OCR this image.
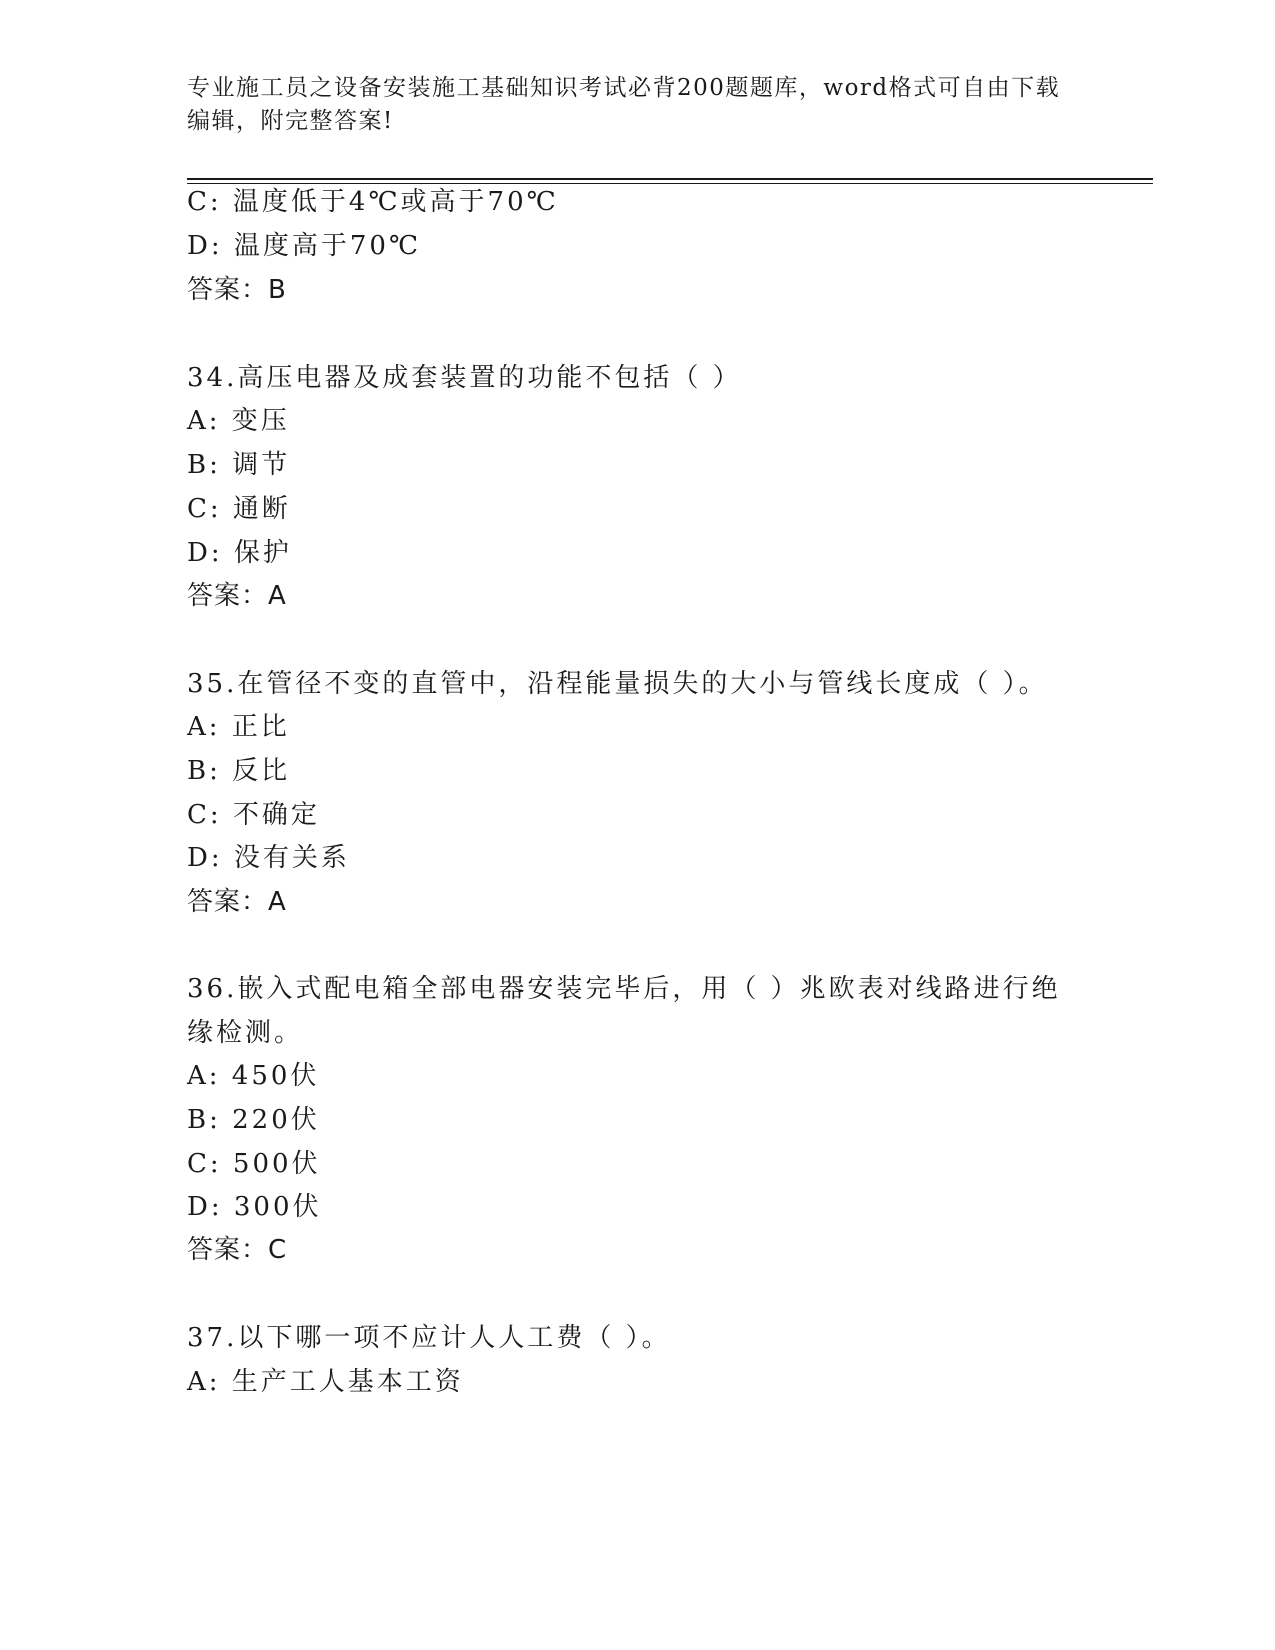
专业施工员之设备安装施工基础知识考试必背200题题库，word格式可自由下载
编辑，附完整答案!
C: 温度低于4℃或高于70℃
D: 温度高于70℃
答案：B
34.高压电器及成套装置的功能不包括（ ）
A: 变压
B: 调节
C: 通断
D: 保护
答案：A
35.在管径不变的直管中，沿程能量损失的大小与管线长度成（ ）。
A: 正比
B: 反比
C: 不确定
D: 没有关系
答案：A
36.嵌入式配电箱全部电器安装完毕后，用（ ）兆欧表对线路进行绝
缘检测。
A: 450伏
B: 220伏
C: 500伏
D: 300伏
答案：C
37.以下哪一项不应计人人工费（ ）。
A: 生产工人基本工资
